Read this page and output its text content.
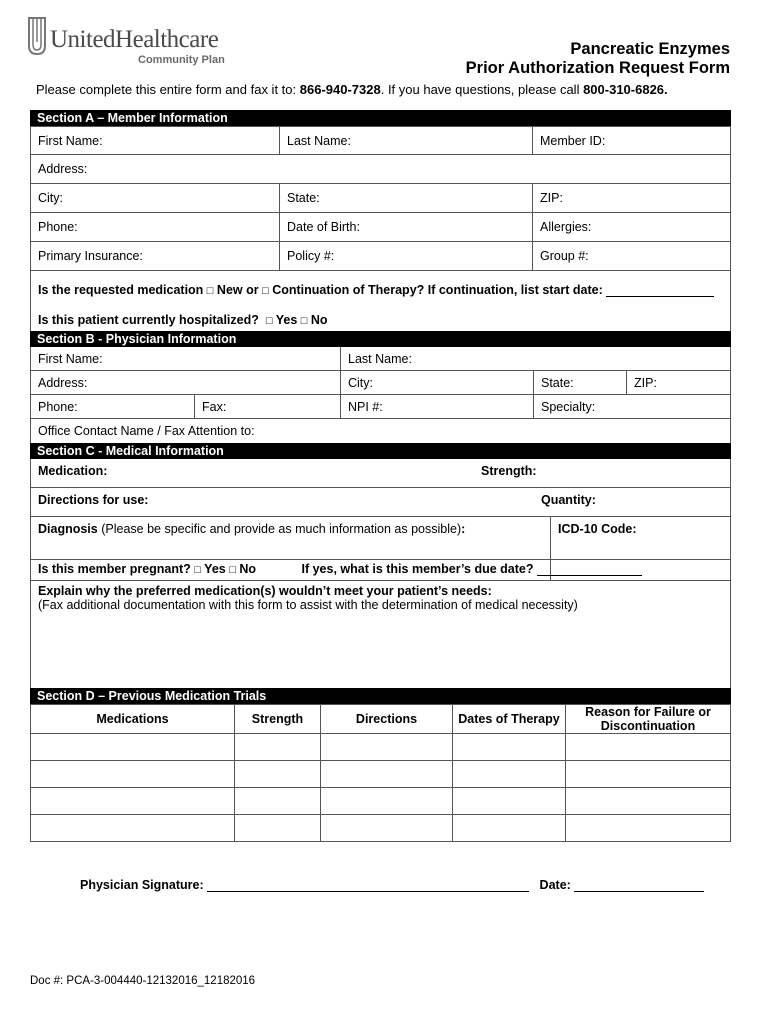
UnitedHealthcare
Community Plan
Pancreatic Enzymes
Prior Authorization Request Form
Please complete this entire form and fax it to: 866-940-7328. If you have questions, please call 800-310-6826.
Section A – Member Information
First Name:	Last Name:	Member ID:
Address:
City:	State:	ZIP:
Phone:	Date of Birth:	Allergies:
Primary Insurance:	Policy #:	Group #:
Is the requested medication □ New or □ Continuation of Therapy? If continuation, list start date:
Is this patient currently hospitalized?  □ Yes □ No
Section B - Physician Information
First Name:	Last Name:
Address:	City:	State:	ZIP:
Phone:	Fax:	NPI #:	Specialty:
Office Contact Name / Fax Attention to:
Section C - Medical Information
Medication:	Strength:
Directions for use:	Quantity:
Diagnosis (Please be specific and provide as much information as possible):	ICD-10 Code:
Is this member pregnant? □ Yes □ No	If yes, what is this member’s due date?
Explain why the preferred medication(s) wouldn’t meet your patient’s needs:
(Fax additional documentation with this form to assist with the determination of medical necessity)
Section D – Previous Medication Trials
Medications	Strength	Directions	Dates of Therapy	Reason for Failure or Discontinuation

Physician Signature:	Date:
Doc #: PCA-3-004440-12132016_12182016
